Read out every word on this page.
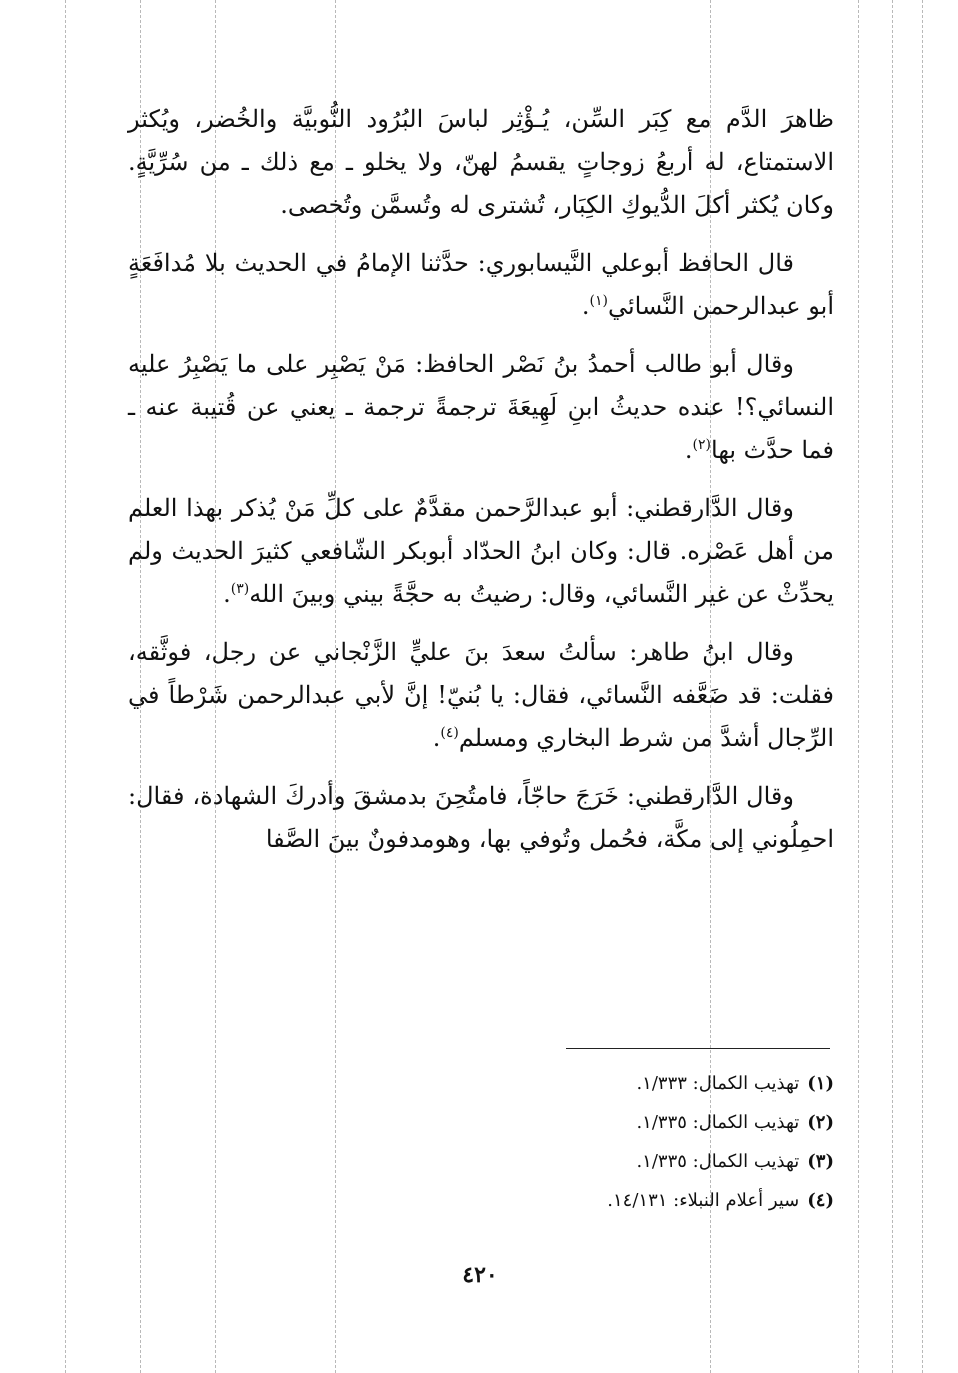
ظاهرَ الدَّم مع كِبَر السِّن، يُـؤْثِر لباسَ البُرُود النُّوبيَّة والخُضر، ويُكثر الاستمتاع، له أربعُ زوجاتٍ يقسمُ لهنّ، ولا يخلو ـ مع ذلك ـ من سُرِّيَّةٍ. وكان يُكثر أكلَ الدُّيوكِ الكِبَار، تُشترى له وتُسمَّن وتُخصى.

قال الحافظ أبوعلي النَّيسابوري: حدَّثنا الإمامُ في الحديث بلا مُدافَعَةٍ أبو عبدالرحمن النَّسائي$^{(١)}$.

وقال أبو طالب أحمدُ بنُ نَصْر الحافظ: مَنْ يَصْبِر على ما يَصْبِرُ عليه النسائي؟! عنده حديثُ ابنِ لَهِيعَةَ ترجمةً ترجمة ـ يعني عن قُتيبة عنه ـ فما حدَّث بها$^{(٢)}$.

وقال الدَّارقطني: أبو عبدالرَّحمن مقدَّمٌ على كلِّ مَنْ يُذكر بهذا العلم من أهل عَصْره. قال: وكان ابنُ الحدّاد أبوبكر الشّافعي كثيرَ الحديث ولم يحدِّثْ عن غير النَّسائي، وقال: رضيتُ به حجَّةً بيني وبينَ الله$^{(٣)}$.

وقال ابنُ طاهر: سألتُ سعدَ بنَ عليٍّ الزَّنْجاني عن رجل، فوثَّقه، فقلت: قد ضَعَّفه النَّسائي، فقال: يا بُنيّ! إنَّ لأبي عبدالرحمن شَرْطاً في الرِّجال أشدَّ من شرط البخاري ومسلم$^{(٤)}$.

وقال الدَّارقطني: خَرَجَ حاجّاً، فامتُحِنَ بدمشقَ وأدركَ الشهادة، فقال: احمِلُوني إلى مكَّة، فحُمل وتُوفي بها، وهومدفونٌ بينَ الصَّفا

(١)تهذيب الكمال: ١/٣٣٣.
(٢)تهذيب الكمال: ١/٣٣٥.
(٣)تهذيب الكمال: ١/٣٣٥.
(٤)سير أعلام النبلاء: ١٤/١٣١.
٤٢٠
